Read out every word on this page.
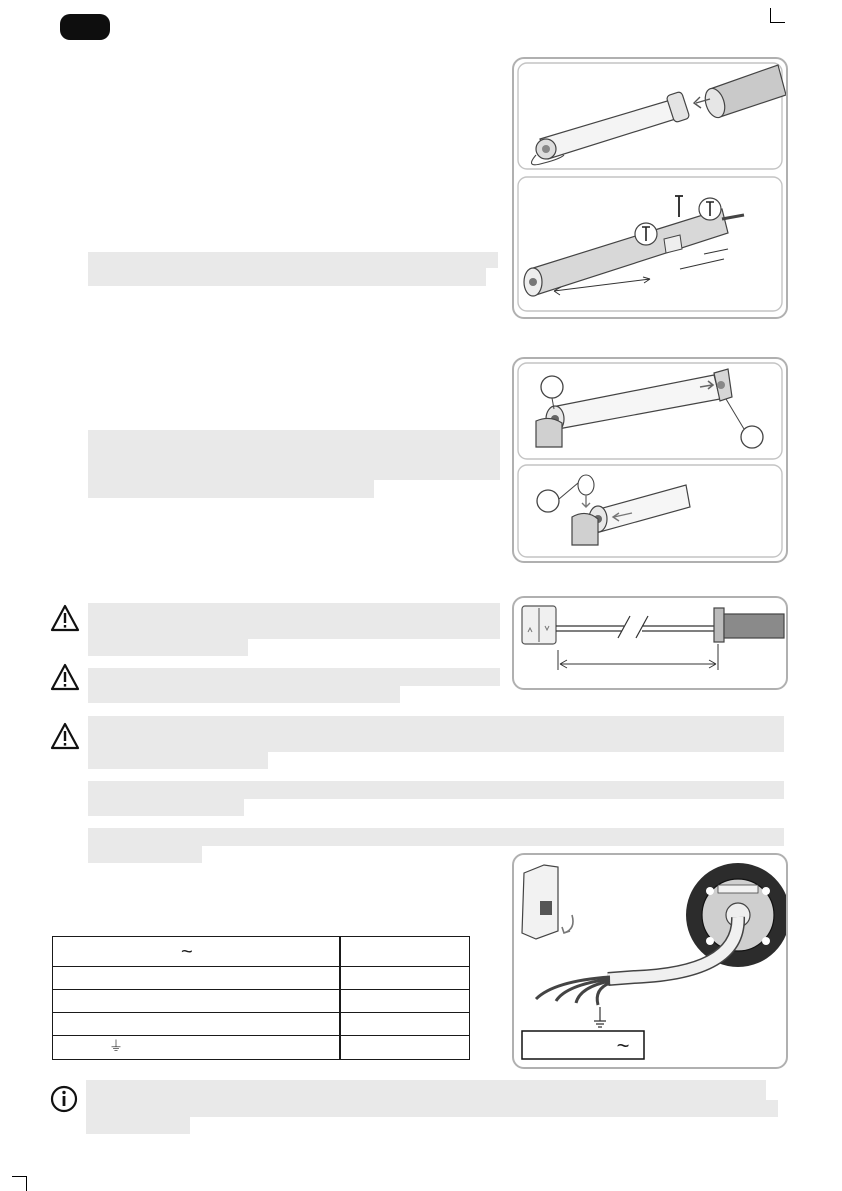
~
~
⏚
